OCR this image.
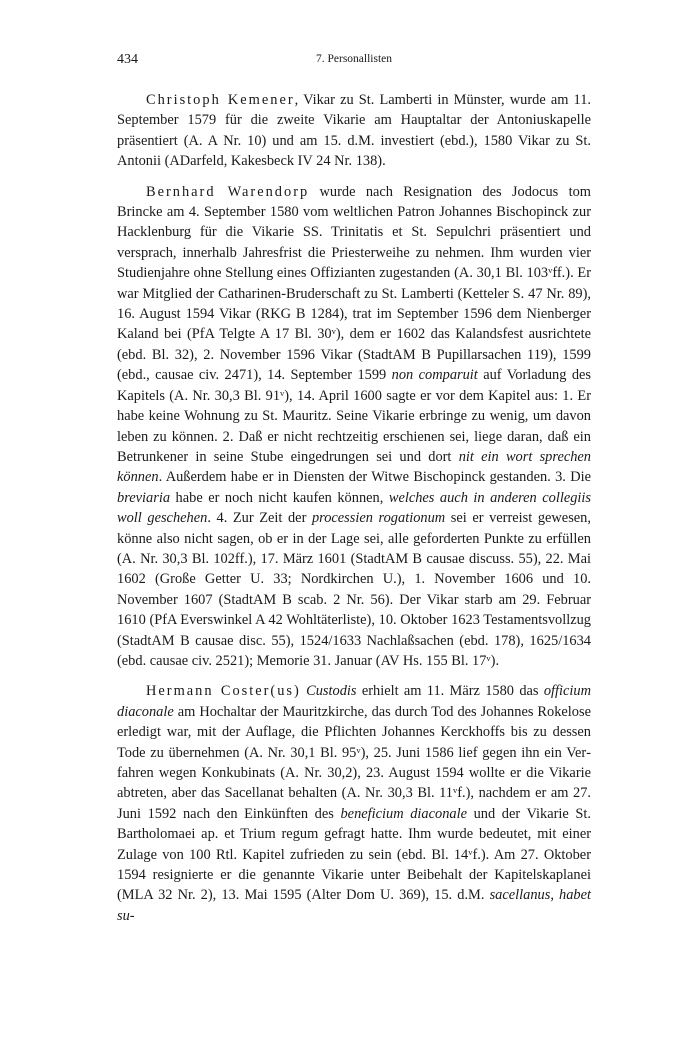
434	7. Personallisten

Christoph Kemener, Vikar zu St. Lamberti in Münster, wurde am 11. September 1579 für die zweite Vikarie am Hauptaltar der Antoniuskapelle präsentiert (A. A Nr. 10) und am 15. d.M. investiert (ebd.), 1580 Vikar zu St. Antonii (ADarfeld, Kakesbeck IV 24 Nr. 138).

Bernhard Warendorp wurde nach Resignation des Jodocus tom Brincke am 4. September 1580 vom weltlichen Patron Johannes Bischopinck zur Hacklenburg für die Vikarie SS. Trinitatis et St. Sepulchri präsentiert und versprach, innerhalb Jahresfrist die Priesterweihe zu nehmen. Ihm wurden vier Studienjahre ohne Stellung eines Offizianten zugestanden (A. 30,1 Bl. 103ᵛff.). Er war Mitglied der Catharinen-Bruderschaft zu St. Lamberti (Ketteler S. 47 Nr. 89), 16. August 1594 Vikar (RKG B 1284), trat im September 1596 dem Nienberger Kaland bei (PfA Telgte A 17 Bl. 30ᵛ), dem er 1602 das Kalandsfest ausrichtete (ebd. Bl. 32), 2. November 1596 Vikar (StadtAM B Pupillarsachen 119), 1599 (ebd., causae civ. 2471), 14. September 1599 non comparuit auf Vorladung des Kapitels (A. Nr. 30,3 Bl. 91ᵛ), 14. April 1600 sagte er vor dem Kapitel aus: 1. Er habe keine Wohnung zu St. Mauritz. Seine Vikarie erbringe zu wenig, um davon leben zu können. 2. Daß er nicht rechtzeitig erschienen sei, liege daran, daß ein Betrunkener in seine Stube eingedrungen sei und dort nit ein wort sprechen können. Außerdem habe er in Diensten der Witwe Bischopinck gestanden. 3. Die breviaria habe er noch nicht kaufen können, welches auch in anderen collegiis woll geschehen. 4. Zur Zeit der processien rogationum sei er verreist gewesen, könne also nicht sagen, ob er in der Lage sei, alle geforderten Punkte zu erfüllen (A. Nr. 30,3 Bl. 102ff.), 17. März 1601 (StadtAM B causae discuss. 55), 22. Mai 1602 (Große Getter U. 33; Nordkirchen U.), 1. November 1606 und 10. November 1607 (StadtAM B scab. 2 Nr. 56). Der Vikar starb am 29. Februar 1610 (PfA Everswinkel A 42 Wohltäterliste), 10. Oktober 1623 Testamentsvollzug (StadtAM B causae disc. 55), 1524/1633 Nachlaßsachen (ebd. 178), 1625/1634 (ebd. causae civ. 2521); Memorie 31. Januar (AV Hs. 155 Bl. 17ᵛ).

Hermann Coster(us) Custodis erhielt am 11. März 1580 das officium diaconale am Hochaltar der Mauritzkirche, das durch Tod des Johannes Rokelose erledigt war, mit der Auflage, die Pflichten Johannes Kerckhoffs bis zu dessen Tode zu übernehmen (A. Nr. 30,1 Bl. 95ᵛ), 25. Juni 1586 lief gegen ihn ein Verfahren wegen Konkubinats (A. Nr. 30,2), 23. August 1594 wollte er die Vikarie abtreten, aber das Sacellanat behalten (A. Nr. 30,3 Bl. 11ᵛf.), nachdem er am 27. Juni 1592 nach den Einkünften des beneficium diaconale und der Vikarie St. Bartholomaei ap. et Trium regum gefragt hatte. Ihm wurde bedeutet, mit einer Zulage von 100 Rtl. Kapitel zufrieden zu sein (ebd. Bl. 14ᵛf.). Am 27. Oktober 1594 resignierte er die genannte Vikarie unter Beibehalt der Kapitelskaplanei (MLA 32 Nr. 2), 13. Mai 1595 (Alter Dom U. 369), 15. d.M. sacellanus, habet su-
